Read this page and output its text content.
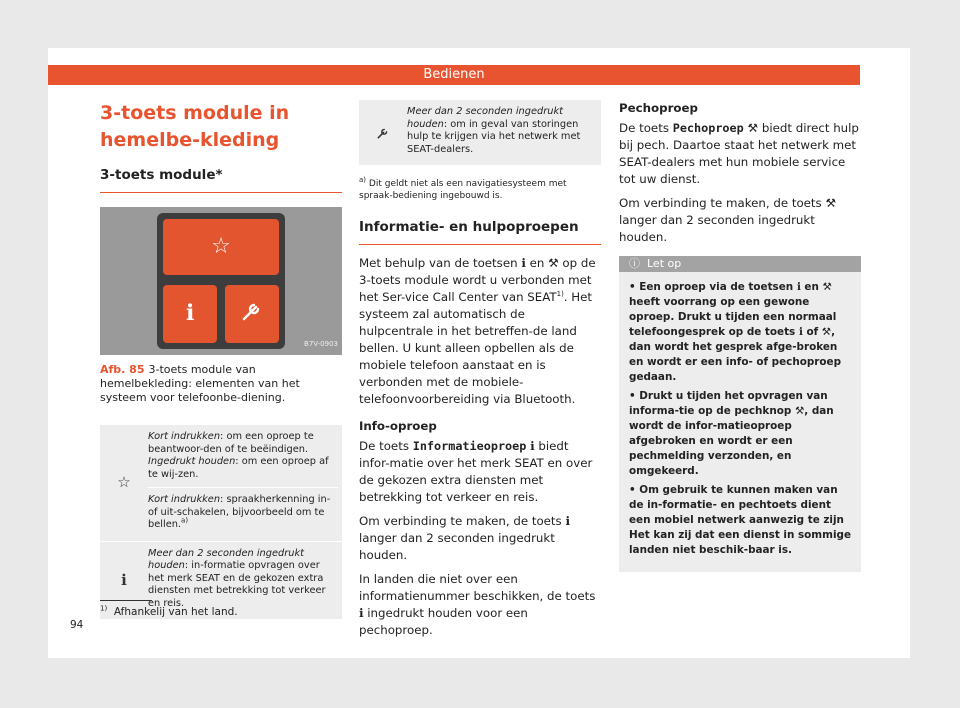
Bedienen
3-toets module in hemelbe-kleding
3-toets module*
☆
ℹ
B7V-0903
Afb. 85 3-toets module van hemelbekleding: elementen van het systeem voor telefoonbe-diening.
☆

Kort indrukken: om een oproep te beantwoor-den of te beëindigen.
Ingedrukt houden: om een oproep af te wij-zen.

Kort indrukken: spraakherkenning in- of uit-schakelen, bijvoorbeeld om te bellen.$^{a)}$

ℹ

Meer dan 2 seconden ingedrukt houden: in-formatie opvragen over het merk SEAT en de gekozen extra diensten met betrekking tot verkeer en reis.

Meer dan 2 seconden ingedrukt houden: om in geval van storingen hulp te krijgen via het netwerk met SEAT-dealers.

$^{a)}$ Dit geldt niet als een navigatiesysteem met spraak-bediening ingebouwd is.
Informatie- en hulpoproepen

Met behulp van de toetsen ℹ en ⚒ op de 3-toets module wordt u verbonden met het Ser-vice Call Center van SEAT$^{1)}$. Het systeem zal automatisch de hulpcentrale in het betreffen-de land bellen. U kunt alleen opbellen als de mobiele telefoon aanstaat en is verbonden met de mobiele-telefoonvoorbereiding via Bluetooth.

Info-oproep

De toets Informatieoproep ℹ biedt infor-matie over het merk SEAT en over de gekozen extra diensten met betrekking tot verkeer en reis.

Om verbinding te maken, de toets ℹ langer dan 2 seconden ingedrukt houden.

In landen die niet over een informatienummer beschikken, de toets ℹ ingedrukt houden voor een pechoproep.

Pechoproep

De toets Pechoproep ⚒ biedt direct hulp bij pech. Daartoe staat het netwerk met SEAT-dealers met hun mobiele service tot uw dienst.

Om verbinding te maken, de toets ⚒ langer dan 2 seconden ingedrukt houden.

ⓘ Let op

• Een oproep via de toetsen ℹ en ⚒ heeft voorrang op een gewone oproep. Drukt u tijden een normaal telefoongesprek op de toets ℹ of ⚒, dan wordt het gesprek afge-broken en wordt er een info- of pechoproep gedaan.

• Drukt u tijden het opvragen van informa-tie op de pechknop ⚒, dan wordt de infor-matieoproep afgebroken en wordt er een pechmelding verzonden, en omgekeerd.

• Om gebruik te kunnen maken van de in-formatie- en pechtoets dient een mobiel netwerk aanwezig te zijn Het kan zij dat een dienst in sommige landen niet beschik-baar is.

$^{1)}$ Afhankelij van het land.
94
